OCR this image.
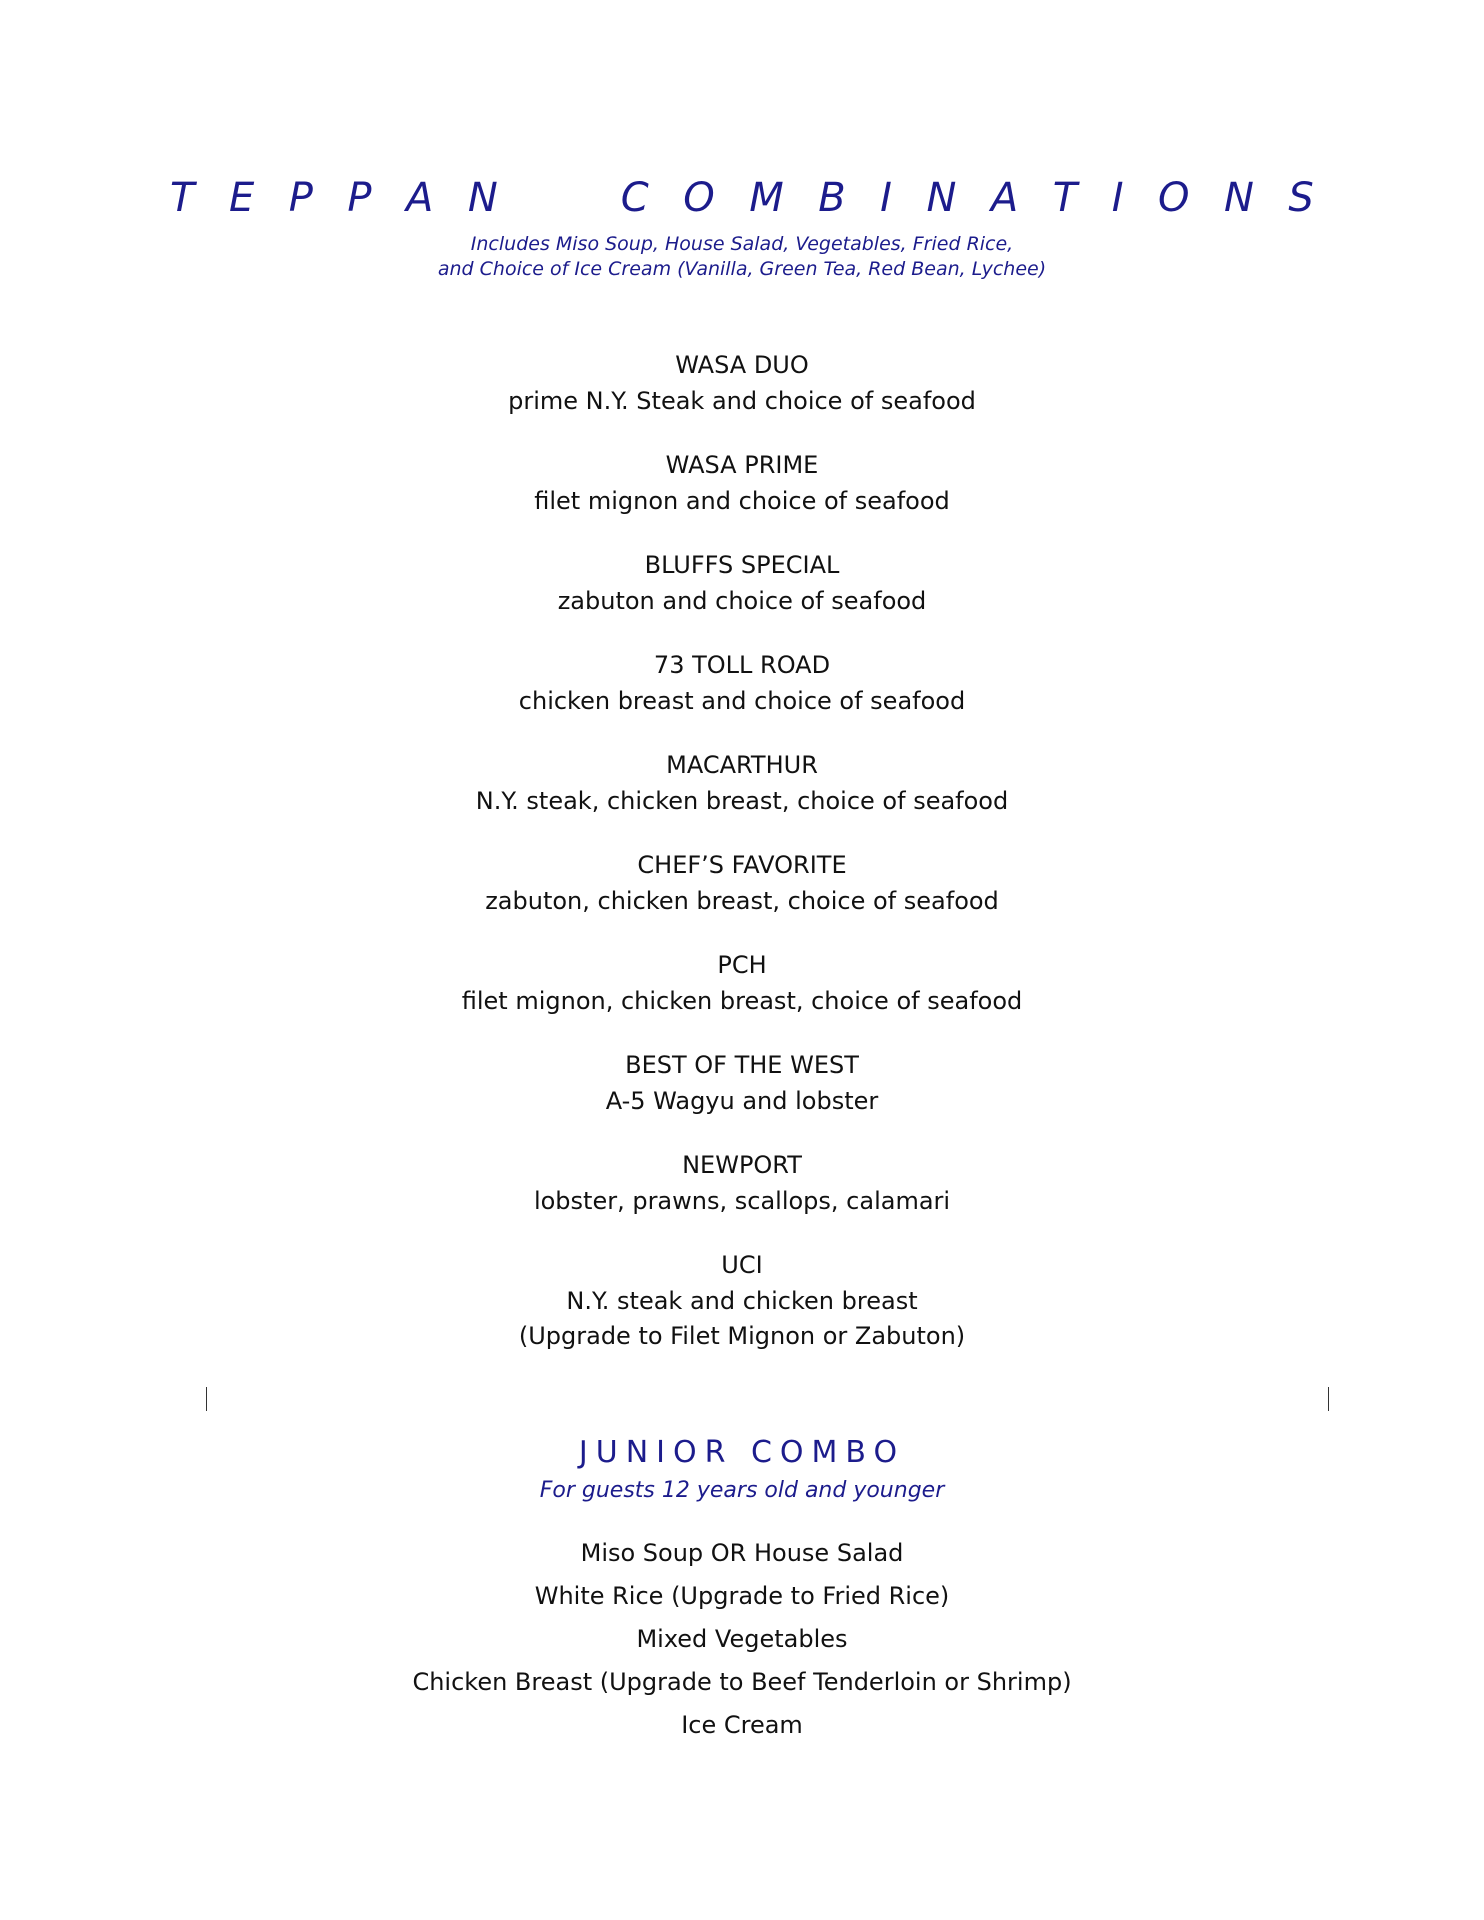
T E P P A N	C O M B I N A T I O N S
Includes Miso Soup, House Salad, Vegetables, Fried Rice,
and Choice of Ice Cream (Vanilla, Green Tea, Red Bean, Lychee)
WASA DUO
prime N.Y. Steak and choice of seafood
WASA PRIME
filet mignon and choice of seafood
BLUFFS SPECIAL
zabuton and choice of seafood
73 TOLL ROAD
chicken breast and choice of seafood
MACARTHUR
N.Y. steak, chicken breast, choice of seafood
CHEF’S FAVORITE
zabuton, chicken breast, choice of seafood
PCH
filet mignon, chicken breast, choice of seafood
BEST OF THE WEST
A-5 Wagyu and lobster
NEWPORT
lobster, prawns, scallops, calamari
UCI
N.Y. steak and chicken breast
(Upgrade to Filet Mignon or Zabuton)
JUNIOR COMBO
For guests 12 years old and younger
Miso Soup OR House Salad
White Rice (Upgrade to Fried Rice)
Mixed Vegetables
Chicken Breast (Upgrade to Beef Tenderloin or Shrimp)
Ice Cream
